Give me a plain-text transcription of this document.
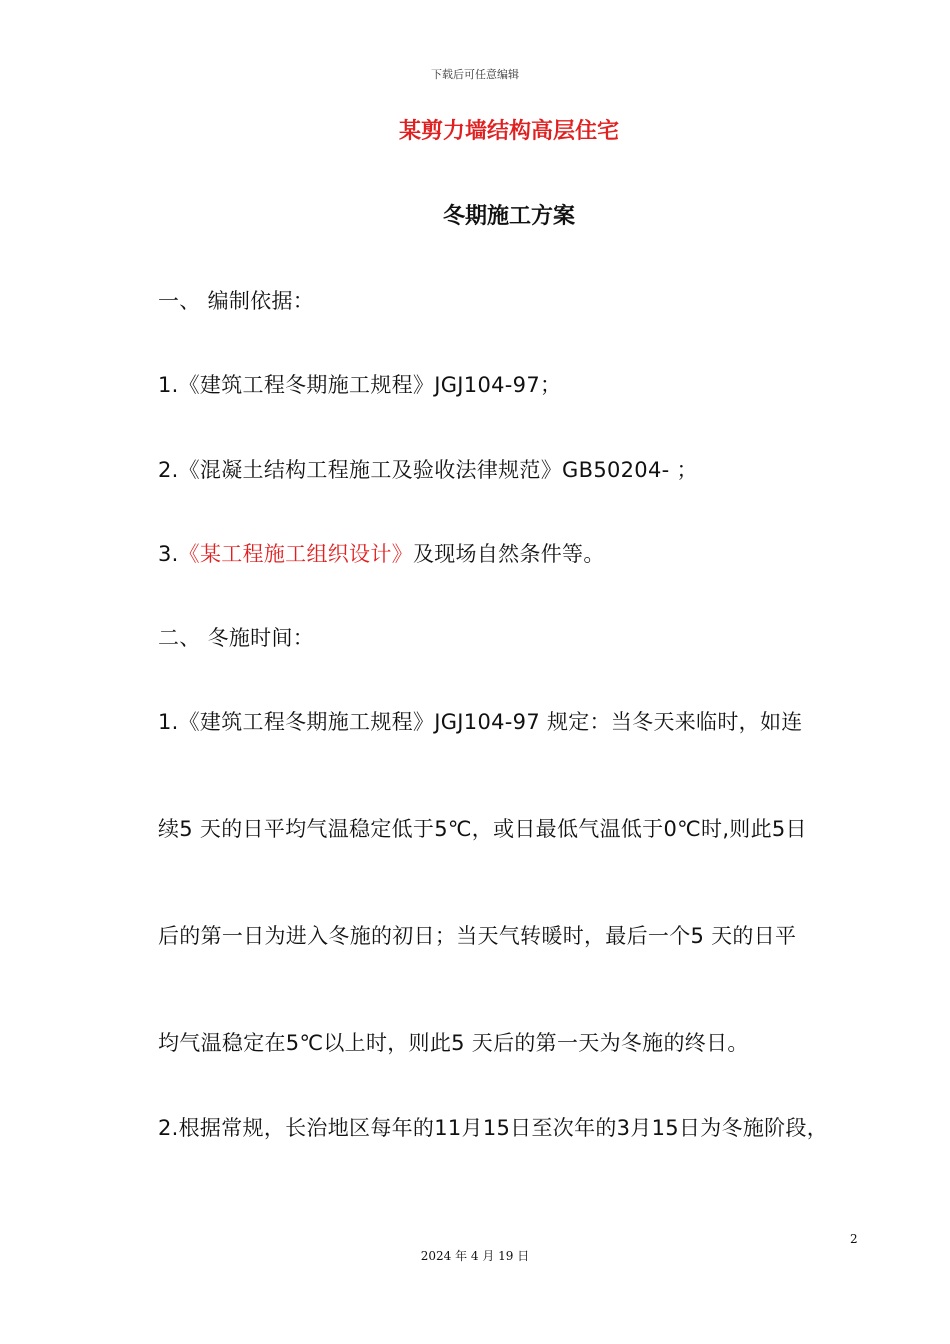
下载后可任意编辑
某剪力墙结构高层住宅
冬期施工方案
一、 编制依据：
1.《建筑工程冬期施工规程》JGJ104-97；
2.《混凝土结构工程施工及验收法律规范》GB50204- ；
3.《某工程施工组织设计》及现场自然条件等。
二、 冬施时间：
1.《建筑工程冬期施工规程》JGJ104-97 规定：当冬天来临时，如连
续5 天的日平均气温稳定低于5℃，或日最低气温低于0℃时,则此5日
后的第一日为进入冬施的初日；当天气转暖时，最后一个5 天的日平
均气温稳定在5℃以上时，则此5 天后的第一天为冬施的终日。
2.根据常规，长治地区每年的11月15日至次年的3月15日为冬施阶段，
2
2024 年 4 月 19 日
